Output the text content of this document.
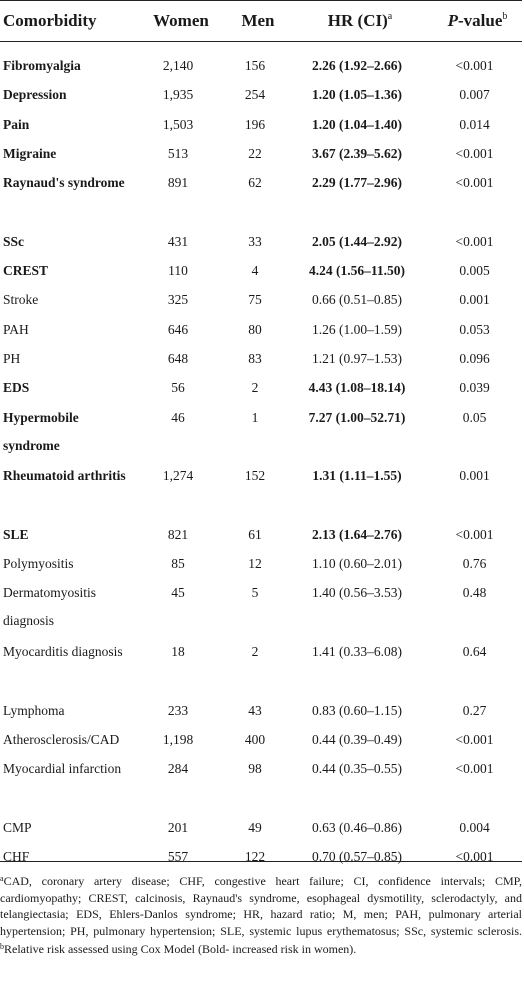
Comorbidity	Women	Men	HR (CI)$^a$	P-value$^b$
Fibromyalgia	2,140	156	2.26 (1.92–2.66)	<0.001
Depression	1,935	254	1.20 (1.05–1.36)	0.007
Pain	1,503	196	1.20 (1.04–1.40)	0.014
Migraine	513	22	3.67 (2.39–5.62)	<0.001
Raynaud's syndrome	891	62	2.29 (1.77–2.96)	<0.001
SSc	431	33	2.05 (1.44–2.92)	<0.001
CREST	110	4	4.24 (1.56–11.50)	0.005
Stroke	325	75	0.66 (0.51–0.85)	0.001
PAH	646	80	1.26 (1.00–1.59)	0.053
PH	648	83	1.21 (0.97–1.53)	0.096
EDS	56	2	4.43 (1.08–18.14)	0.039
Hypermobile syndrome	46	1	7.27 (1.00–52.71)	0.05
Rheumatoid arthritis	1,274	152	1.31 (1.11–1.55)	0.001
SLE	821	61	2.13 (1.64–2.76)	<0.001
Polymyositis	85	12	1.10 (0.60–2.01)	0.76
Dermatomyositis diagnosis	45	5	1.40 (0.56–3.53)	0.48
Myocarditis diagnosis	18	2	1.41 (0.33–6.08)	0.64
Lymphoma	233	43	0.83 (0.60–1.15)	0.27
Atherosclerosis/CAD	1,198	400	0.44 (0.39–0.49)	<0.001
Myocardial infarction	284	98	0.44 (0.35–0.55)	<0.001
CMP	201	49	0.63 (0.46–0.86)	0.004
CHF	557	122	0.70 (0.57–0.85)	<0.001
$^a$CAD, coronary artery disease; CHF, congestive heart failure; CI, confidence intervals; CMP, cardiomyopathy; CREST, calcinosis, Raynaud's syndrome, esophageal dysmotility, sclerodactyly, and telangiectasia; EDS, Ehlers-Danlos syndrome; HR, hazard ratio; M, men; PAH, pulmonary arterial hypertension; PH, pulmonary hypertension; SLE, systemic lupus erythematosus; SSc, systemic sclerosis. $^b$Relative risk assessed using Cox Model (Bold- increased risk in women).
